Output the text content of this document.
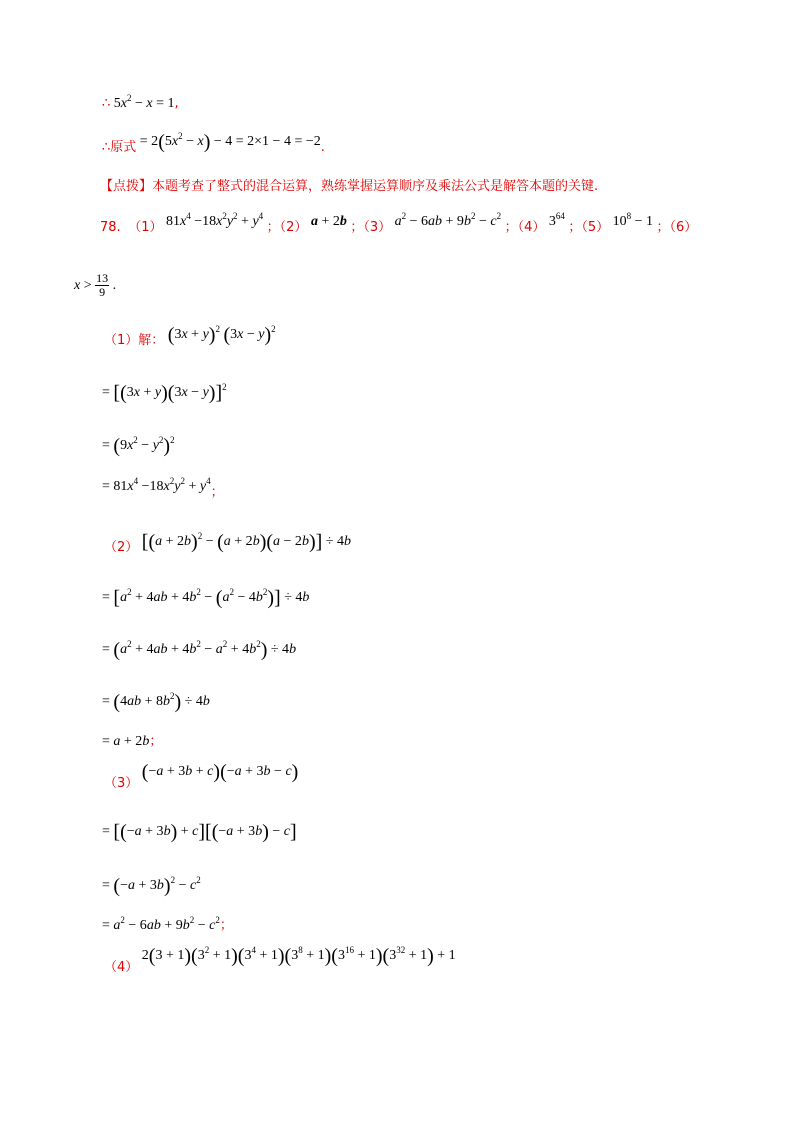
∴ $5x^2 - x = 1$,
∴原式 = $2(5x^2 - x) - 4 = 2\times 1 - 4 = -2$.
【点拨】本题考查了整式的混合运算，熟练掌握运算顺序及乘法公式是解答本题的关键.
78. （1） $81x^4 -18x^2y^2 + y^4$ ；（2） a + 2b ；（3） $a^2 - 6ab + 9b^2 - c^2$ ；（4） $3^{64}$ ；（5） $10^8 - 1$ ；（6）
$x > \frac{13}{9}$ .
（1）解： $(3x + y)^2$ $(3x - y)^2$
= $[(3x + y)(3x - y)]^2$
= $(9x^2 - y^2)^2$
= $81x^4 -18x^2y^2 + y^4$；
（2） $[(a + 2b)^2 - (a + 2b)(a - 2b)] \div 4b$
= $[a^2 + 4ab + 4b^2 - (a^2 - 4b^2)] \div 4b$
= $(a^2 + 4ab + 4b^2 - a^2 + 4b^2) \div 4b$
= $(4ab + 8b^2) \div 4b$
= a + 2b；
（3） (−a + 3b + c)(−a + 3b − c)
= [(−a + 3b) + c][(−a + 3b) − c]
= $(-a + 3b)^2 - c^2$
= $a^2 - 6ab + 9b^2 - c^2$；
（4） $2(3 + 1)(3^2 + 1)(3^4 + 1)(3^8 + 1)(3^{16} + 1)(3^{32} + 1) + 1$
